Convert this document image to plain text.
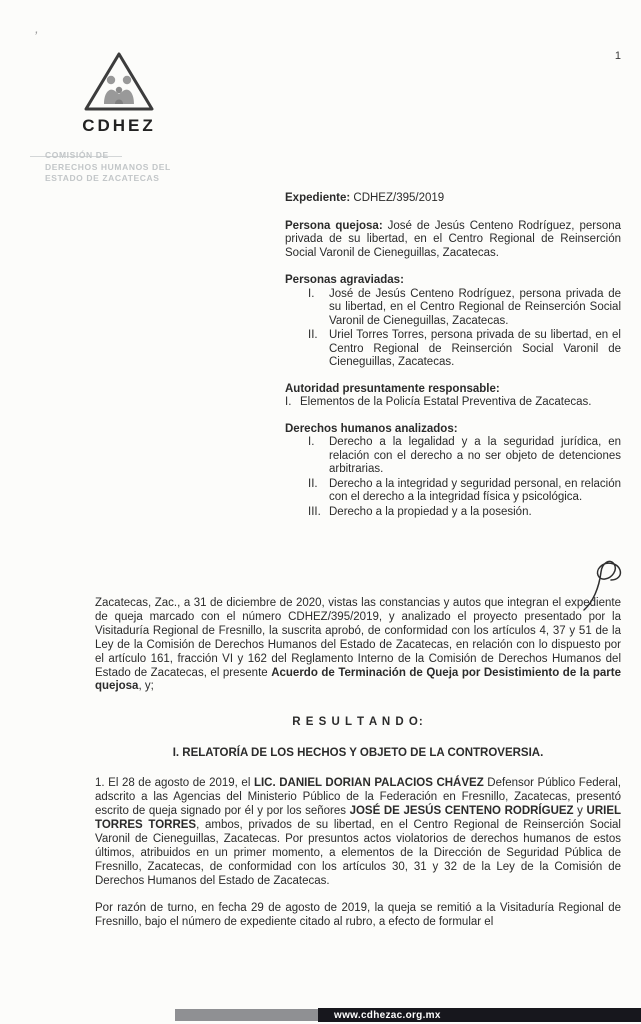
’
1
CDHEZ
COMISIÓN DE
DERECHOS HUMANOS DEL
ESTADO DE ZACATECAS

Expediente: CDHEZ/395/2019

Persona quejosa: José de Jesús Centeno Rodríguez, persona privada de su libertad, en el Centro Regional de Reinserción Social Varonil de Cieneguillas, Zacatecas.

Personas agraviadas:
I.	José de Jesús Centeno Rodríguez, persona privada de su libertad, en el Centro Regional de Reinserción Social Varonil de Cieneguillas, Zacatecas.
II. Uriel Torres Torres, persona privada de su libertad, en el Centro Regional de Reinserción Social Varonil de Cieneguillas, Zacatecas.
Autoridad presuntamente responsable:
I. Elementos de la Policía Estatal Preventiva de Zacatecas.
Derechos humanos analizados:
I.	Derecho a la legalidad y a la seguridad jurídica, en relación con el derecho a no ser objeto de detenciones arbitrarias.
II. Derecho a la integridad y seguridad personal, en relación con el derecho a la integridad física y psicológica.
III. Derecho a la propiedad y a la posesión.

Zacatecas, Zac., a 31 de diciembre de 2020, vistas las constancias y autos que integran el expediente de queja marcado con el número CDHEZ/395/2019, y analizado el proyecto presentado por la Visitaduría Regional de Fresnillo, la suscrita aprobó, de conformidad con los artículos 4, 37 y 51 de la Ley de la Comisión de Derechos Humanos del Estado de Zacatecas, en relación con lo dispuesto por el artículo 161, fracción VI y 162 del Reglamento Interno de la Comisión de Derechos Humanos del Estado de Zacatecas, el presente Acuerdo de Terminación de Queja por Desistimiento de la parte quejosa, y;

R E S U L T A N D O:
I. RELATORÍA DE LOS HECHOS Y OBJETO DE LA CONTROVERSIA.

1. El 28 de agosto de 2019, el LIC. DANIEL DORIAN PALACIOS CHÁVEZ Defensor Público Federal, adscrito a las Agencias del Ministerio Público de la Federación en Fresnillo, Zacatecas, presentó escrito de queja signado por él y por los señores JOSÉ DE JESÚS CENTENO RODRÍGUEZ y URIEL TORRES TORRES, ambos, privados de su libertad, en el Centro Regional de Reinserción Social Varonil de Cieneguillas, Zacatecas. Por presuntos actos violatorios de derechos humanos de estos últimos, atribuidos en un primer momento, a elementos de la Dirección de Seguridad Pública de Fresnillo, Zacatecas, de conformidad con los artículos 30, 31 y 32 de la Ley de la Comisión de Derechos Humanos del Estado de Zacatecas.

Por razón de turno, en fecha 29 de agosto de 2019, la queja se remitió a la Visitaduría Regional de Fresnillo, bajo el número de expediente citado al rubro, a efecto de formular el

www.cdhezac.org.mx
